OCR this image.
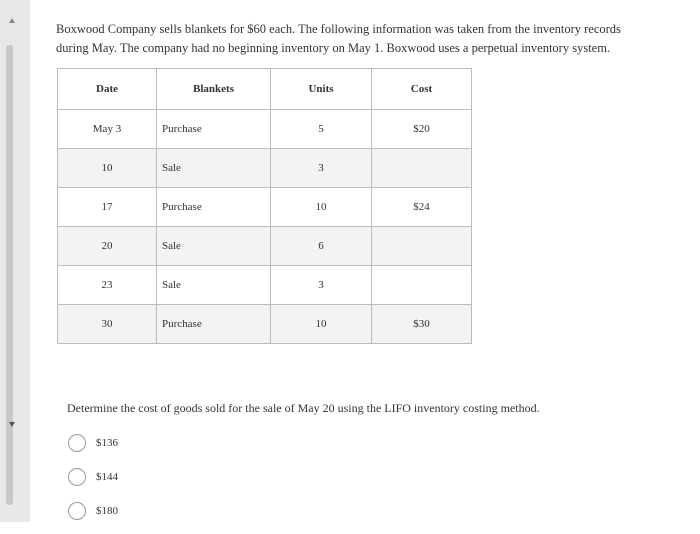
Boxwood Company sells blankets for $60 each. The following information was taken from the inventory records
during May. The company had no beginning inventory on May 1. Boxwood uses a perpetual inventory system.
Date	Blankets	Units	Cost
May 3	Purchase	5	$20
10	Sale	3	
17	Purchase	10	$24
20	Sale	6	
23	Sale	3	
30	Purchase	10	$30
Determine the cost of goods sold for the sale of May 20 using the LIFO inventory costing method.
$136
$144
$180
